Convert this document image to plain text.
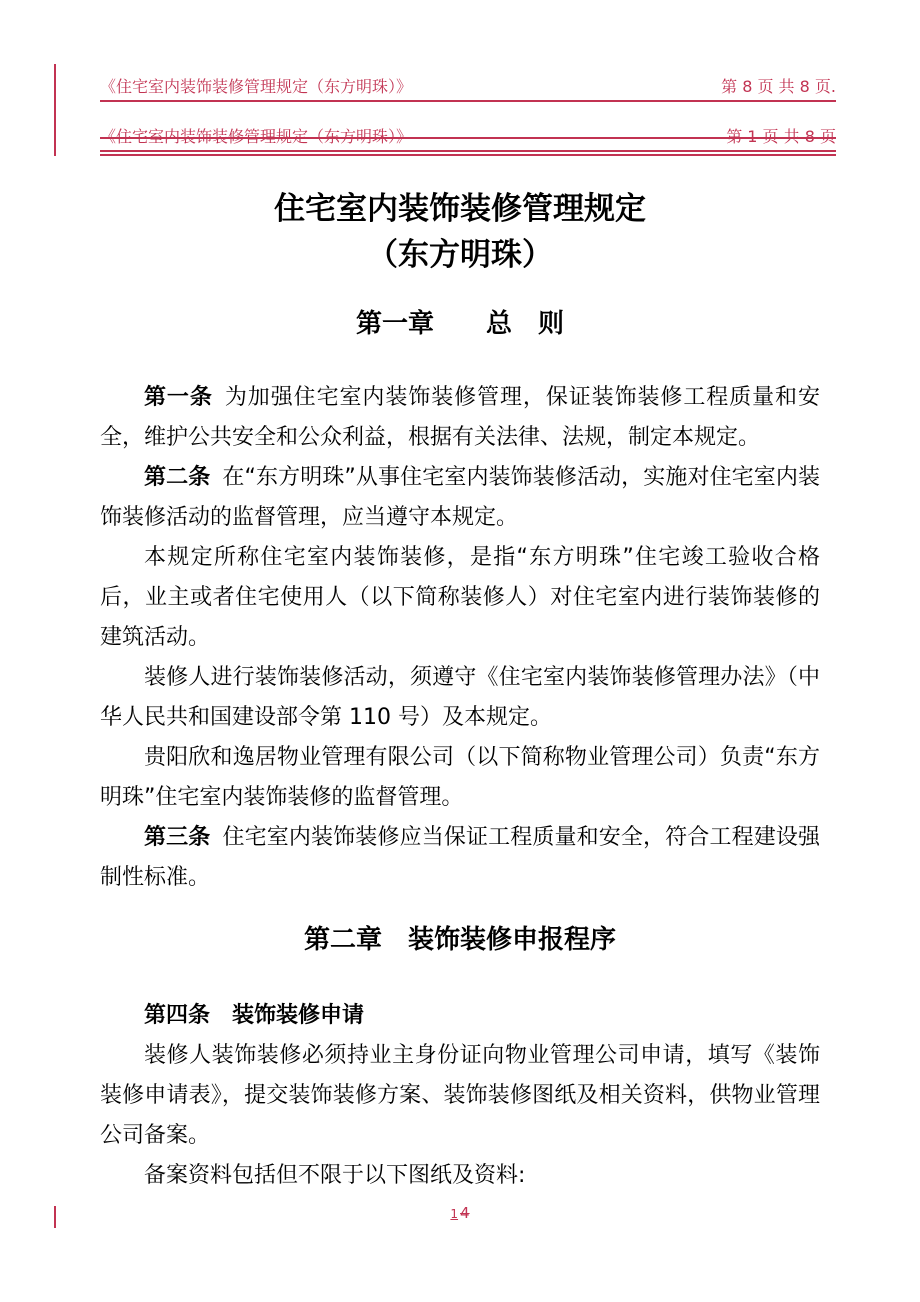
《住宅室内装饰装修管理规定（东方明珠）》	第 8 页 共 8 页.
《住宅室内装饰装修管理规定（东方明珠）》	第 1 页 共 8 页
住宅室内装饰装修管理规定
（东方明珠）
第一章　　总　则

第一条 为加强住宅室内装饰装修管理，保证装饰装修工程质量和安全，维护公共安全和公众利益，根据有关法律、法规，制定本规定。

第二条 在“东方明珠”从事住宅室内装饰装修活动，实施对住宅室内装饰装修活动的监督管理，应当遵守本规定。

本规定所称住宅室内装饰装修，是指“东方明珠”住宅竣工验收合格后，业主或者住宅使用人（以下简称装修人）对住宅室内进行装饰装修的建筑活动。

装修人进行装饰装修活动，须遵守《住宅室内装饰装修管理办法》（中华人民共和国建设部令第 110 号）及本规定。

贵阳欣和逸居物业管理有限公司（以下简称物业管理公司）负责“东方明珠”住宅室内装饰装修的监督管理。

第三条 住宅室内装饰装修应当保证工程质量和安全，符合工程建设强制性标准。

第二章　装饰装修申报程序
第四条　装饰装修申请

装修人装饰装修必须持业主身份证向物业管理公司申请，填写《装饰装修申请表》，提交装饰装修方案、装饰装修图纸及相关资料，供物业管理公司备案。

备案资料包括但不限于以下图纸及资料:

1 4
